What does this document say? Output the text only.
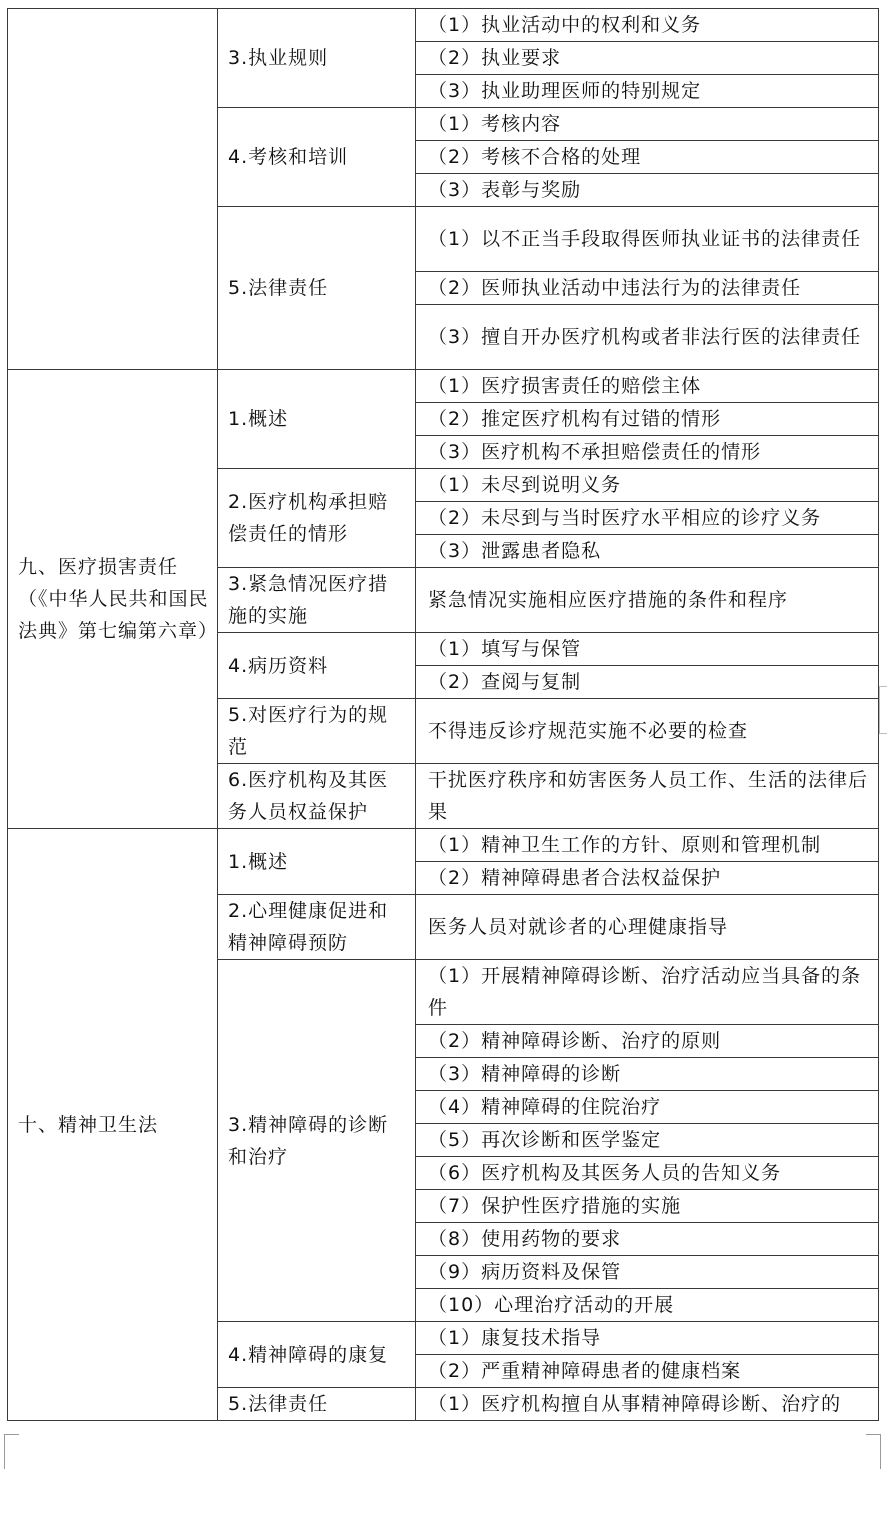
	3.执业规则	（1）执业活动中的权利和义务

		（2）执业要求

		（3）执业助理医师的特别规定

	4.考核和培训	（1）考核内容

		（2）考核不合格的处理

		（3）表彰与奖励

	5.法律责任	（1）以不正当手段取得医师执业证书的法律责任

		（2）医师执业活动中违法行为的法律责任

		（3）擅自开办医疗机构或者非法行医的法律责任

九、医疗损害责任（《中华人民共和国民法典》第七编第六章）	1.概述	（1）医疗损害责任的赔偿主体

		（2）推定医疗机构有过错的情形

		（3）医疗机构不承担赔偿责任的情形

	2.医疗机构承担赔偿责任的情形	（1）未尽到说明义务

		（2）未尽到与当时医疗水平相应的诊疗义务

		（3）泄露患者隐私

	3.紧急情况医疗措施的实施	紧急情况实施相应医疗措施的条件和程序

	4.病历资料	（1）填写与保管

		（2）查阅与复制

	5.对医疗行为的规范	不得违反诊疗规范实施不必要的检查

	6.医疗机构及其医务人员权益保护	干扰医疗秩序和妨害医务人员工作、生活的法律后果

十、精神卫生法	1.概述	（1）精神卫生工作的方针、原则和管理机制

		（2）精神障碍患者合法权益保护

	2.心理健康促进和精神障碍预防	医务人员对就诊者的心理健康指导

	3.精神障碍的诊断和治疗	（1）开展精神障碍诊断、治疗活动应当具备的条件

		（2）精神障碍诊断、治疗的原则

		（3）精神障碍的诊断

		（4）精神障碍的住院治疗

		（5）再次诊断和医学鉴定

		（6）医疗机构及其医务人员的告知义务

		（7）保护性医疗措施的实施

		（8）使用药物的要求

		（9）病历资料及保管

		（10）心理治疗活动的开展

	4.精神障碍的康复	（1）康复技术指导

		（2）严重精神障碍患者的健康档案

	5.法律责任	（1）医疗机构擅自从事精神障碍诊断、治疗的
